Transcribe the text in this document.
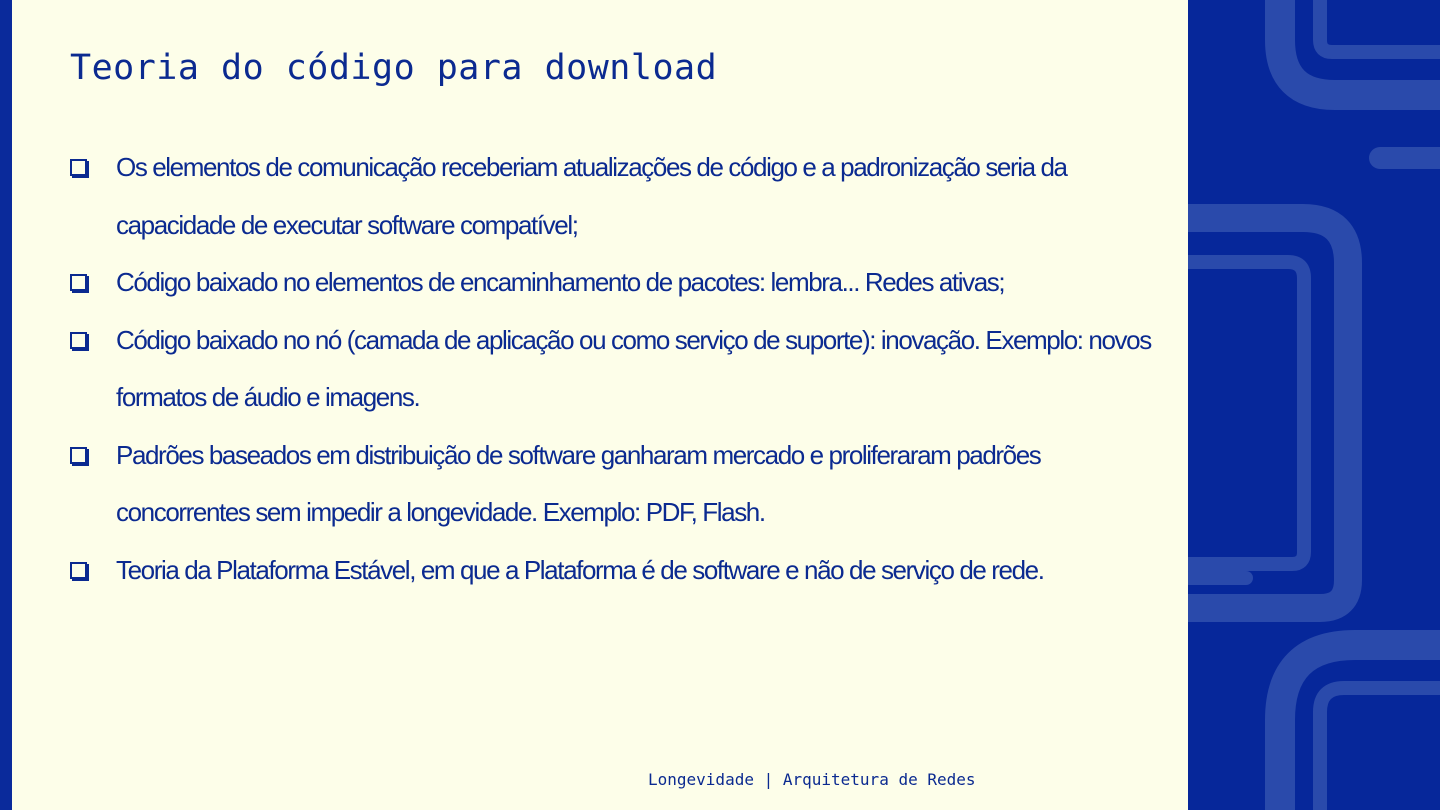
Teoria do código para download
Os elementos de comunicação receberiam atualizações de código e a padronização seria da capacidade de executar software compatível;
Código baixado no elementos de encaminhamento de pacotes: lembra... Redes ativas;
Código baixado no nó (camada de aplicação ou como serviço de suporte): inovação. Exemplo: novos formatos de áudio e imagens.
Padrões baseados em distribuição de software ganharam mercado e proliferaram padrões concorrentes sem impedir a longevidade. Exemplo: PDF, Flash.
Teoria da Plataforma Estável, em que a Plataforma é de software e não de serviço de rede.
Longevidade | Arquitetura de Redes
